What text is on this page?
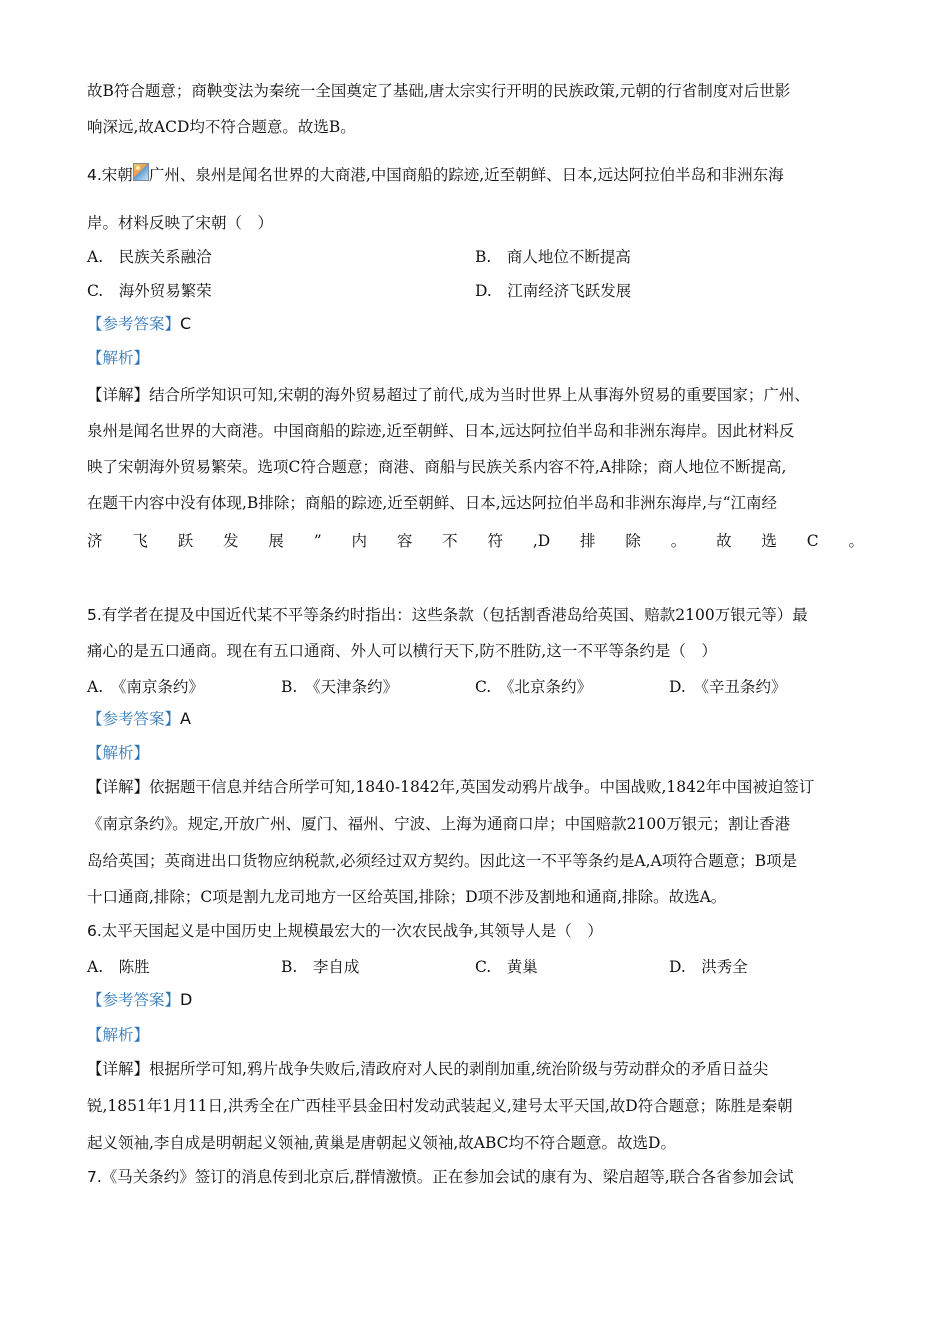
故B符合题意；商鞅变法为秦统一全国奠定了基础,唐太宗实行开明的民族政策,元朝的行省制度对后世影
响深远,故ACD均不符合题意。故选B。
4.宋朝 广州、泉州是闻名世界的大商港,中国商船的踪迹,近至朝鲜、日本,远达阿拉伯半岛和非洲东海
岸。材料反映了宋朝（　）
A.　民族关系融洽	B.　商人地位不断提高
C.　海外贸易繁荣	D.　江南经济飞跃发展
【参考答案】C
【解析】
【详解】结合所学知识可知,宋朝的海外贸易超过了前代,成为当时世界上从事海外贸易的重要国家；广州、
泉州是闻名世界的大商港。中国商船的踪迹,近至朝鲜、日本,远达阿拉伯半岛和非洲东海岸。因此材料反
映了宋朝海外贸易繁荣。选项C符合题意；商港、商船与民族关系内容不符,A排除；商人地位不断提高,
在题干内容中没有体现,B排除；商船的踪迹,近至朝鲜、日本,远达阿拉伯半岛和非洲东海岸,与“江南经
济 飞 跃 发 展 ” 内 容 不 符 ,D 排 除 。 故 选 C 。
5.有学者在提及中国近代某不平等条约时指出：这些条款（包括割香港岛给英国、赔款2100万银元等）最
痛心的是五口通商。现在有五口通商、外人可以横行天下,防不胜防,这一不平等条约是（　）
A.　《南京条约》	B.　《天津条约》	C.　《北京条约》	D.　《辛丑条约》
【参考答案】A
【解析】
【详解】依据题干信息并结合所学可知,1840-1842年,英国发动鸦片战争。中国战败,1842年中国被迫签订
《南京条约》。规定,开放广州、厦门、福州、宁波、上海为通商口岸；中国赔款2100万银元；割让香港
岛给英国；英商进出口货物应纳税款,必须经过双方契约。因此这一不平等条约是A,A项符合题意；B项是
十口通商,排除；C项是割九龙司地方一区给英国,排除；D项不涉及割地和通商,排除。故选A。
6.太平天国起义是中国历史上规模最宏大的一次农民战争,其领导人是（　）
A.　陈胜	B.　李自成	C.　黄巢	D.　洪秀全
【参考答案】D
【解析】
【详解】根据所学可知,鸦片战争失败后,清政府对人民的剥削加重,统治阶级与劳动群众的矛盾日益尖
锐,1851年1月11日,洪秀全在广西桂平县金田村发动武装起义,建号太平天国,故D符合题意；陈胜是秦朝
起义领袖,李自成是明朝起义领袖,黄巢是唐朝起义领袖,故ABC均不符合题意。故选D。
7.《马关条约》签订的消息传到北京后,群情激愤。正在参加会试的康有为、梁启超等,联合各省参加会试
